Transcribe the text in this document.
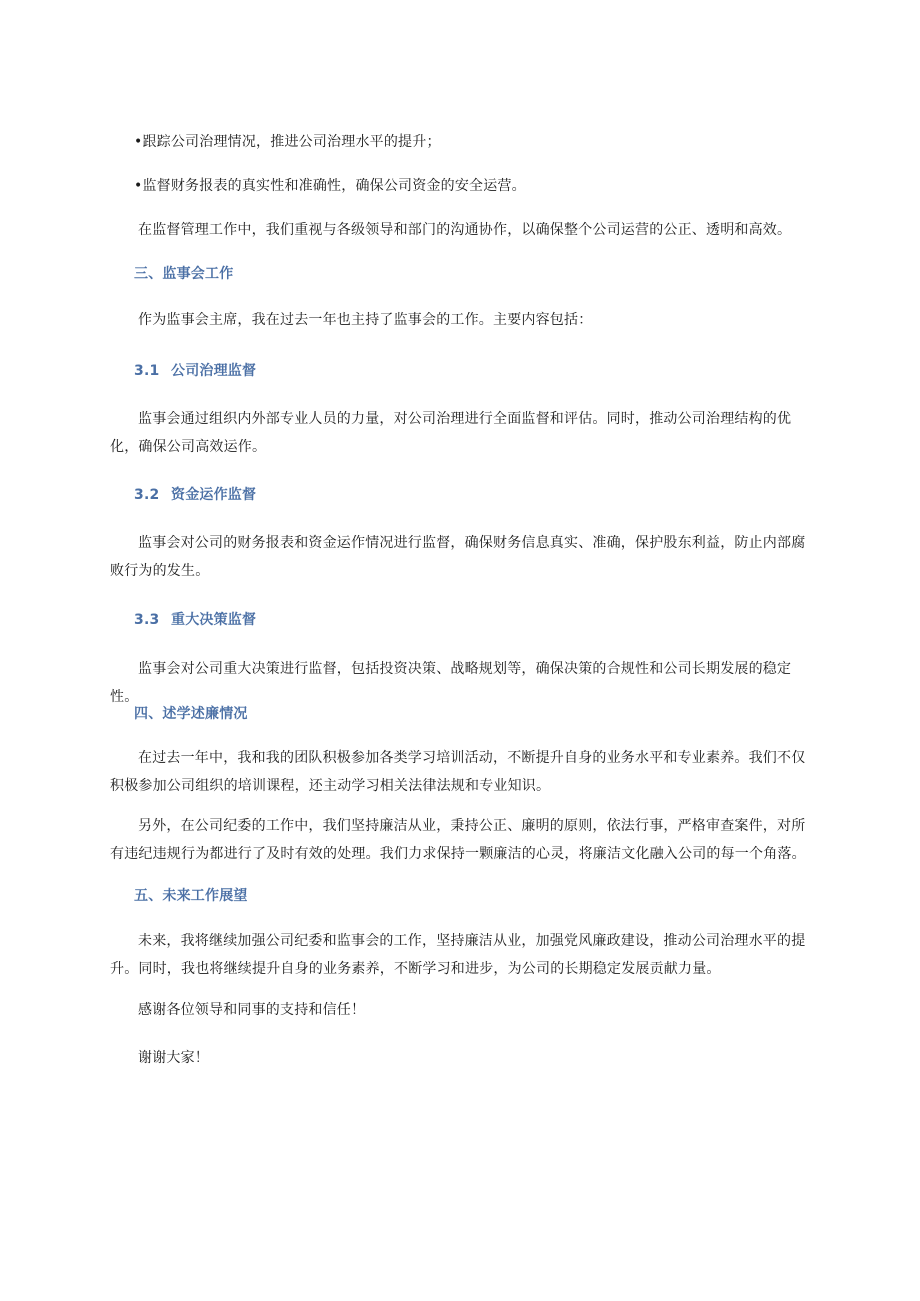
•跟踪公司治理情况，推进公司治理水平的提升；

•监督财务报表的真实性和准确性，确保公司资金的安全运营。

在监督管理工作中，我们重视与各级领导和部门的沟通协作，以确保整个公司运营的公正、透明和高效。

三、监事会工作

作为监事会主席，我在过去一年也主持了监事会的工作。主要内容包括：

3.1 公司治理监督

监事会通过组织内外部专业人员的力量，对公司治理进行全面监督和评估。同时，推动公司治理结构的优化，确保公司高效运作。

3.2 资金运作监督

监事会对公司的财务报表和资金运作情况进行监督，确保财务信息真实、准确，保护股东利益，防止内部腐败行为的发生。

3.3 重大决策监督

监事会对公司重大决策进行监督，包括投资决策、战略规划等，确保决策的合规性和公司长期发展的稳定性。

四、述学述廉情况

在过去一年中，我和我的团队积极参加各类学习培训活动，不断提升自身的业务水平和专业素养。我们不仅积极参加公司组织的培训课程，还主动学习相关法律法规和专业知识。

另外，在公司纪委的工作中，我们坚持廉洁从业，秉持公正、廉明的原则，依法行事，严格审查案件，对所有违纪违规行为都进行了及时有效的处理。我们力求保持一颗廉洁的心灵，将廉洁文化融入公司的每一个角落。

五、未来工作展望

未来，我将继续加强公司纪委和监事会的工作，坚持廉洁从业，加强党风廉政建设，推动公司治理水平的提升。同时，我也将继续提升自身的业务素养，不断学习和进步，为公司的长期稳定发展贡献力量。

感谢各位领导和同事的支持和信任！

谢谢大家！
